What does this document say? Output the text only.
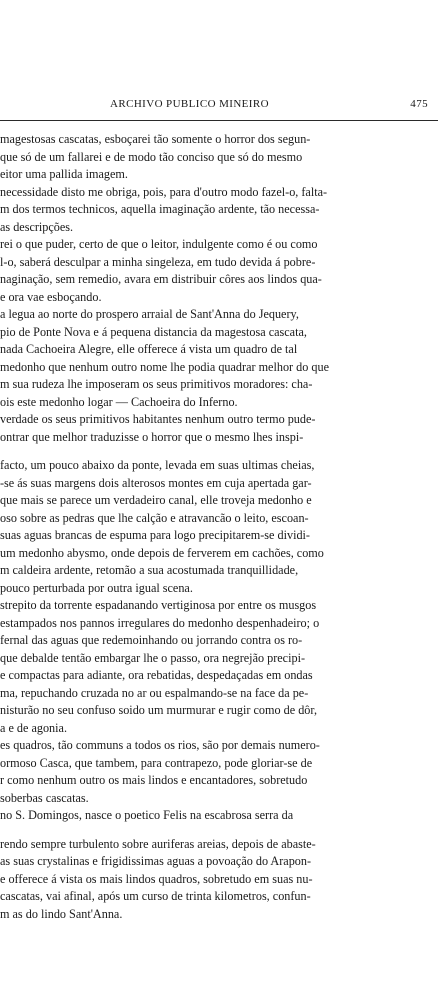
ARCHIVO PUBLICO MINEIRO	475
magestosas cascatas, esboçarei tão somente o horror dos segun-
que só de um fallarei e de modo tão conciso que só do mesmo
eitor uma pallida imagem.
necessidade disto me obriga, pois, para d'outro modo fazel-o, falta-
m dos termos technicos, aquella imaginação ardente, tão necessa-
as descripções.
rei o que puder, certo de que o leitor, indulgente como é ou como
l-o, saberá desculpar a minha singeleza, em tudo devida á pobre-
naginação, sem remedio, avara em distribuir côres aos lindos qua-
e ora vae esboçando.
a legua ao norte do prospero arraial de Sant'Anna do Jequery,
pio de Ponte Nova e á pequena distancia da magestosa cascata,
nada Cachoeira Alegre, elle offerece á vista um quadro de tal
medonho que nenhum outro nome lhe podia quadrar melhor do que
m sua rudeza lhe imposeram os seus primitivos moradores: cha-
ois este medonho logar — Cachoeira do Inferno.
verdade os seus primitivos habitantes nenhum outro termo pude-
ontrar que melhor traduzisse o horror que o mesmo lhes inspi-
facto, um pouco abaixo da ponte, levada em suas ultimas cheias,
-se ás suas margens dois alterosos montes em cuja apertada gar-
que mais se parece um verdadeiro canal, elle troveja medonho e
oso sobre as pedras que lhe calção e atravancão o leito, escoan-
suas aguas brancas de espuma para logo precipitarem-se dividi-
um medonho abysmo, onde depois de ferverem em cachões, como
m caldeira ardente, retomão a sua acostumada tranquillidade,
pouco perturbada por outra igual scena.
strepito da torrente espadanando vertiginosa por entre os musgos
estampados nos pannos irregulares do medonho despenhadeiro; o
fernal das aguas que redemoinhando ou jorrando contra os ro-
que debalde tentão embargar lhe o passo, ora negrejão precipi-
e compactas para adiante, ora rebatidas, despedaçadas em ondas
ma, repuchando cruzada no ar ou espalmando-se na face da pe-
nisturão no seu confuso soido um murmurar e rugir como de dôr,
a e de agonia.
es quadros, tão communs a todos os rios, são por demais numero-
ormoso Casca, que tambem, para contrapezo, pode gloriar-se de
r como nenhum outro os mais lindos e encantadores, sobretudo
soberbas cascatas.
no S. Domingos, nasce o poetico Felis na escabrosa serra da
rendo sempre turbulento sobre auriferas areias, depois de abaste-
as suas crystalinas e frigidissimas aguas a povoação do Arapon-
e offerece á vista os mais lindos quadros, sobretudo em suas nu-
cascatas, vai afinal, após um curso de trinta kilometros, confun-
m as do lindo Sant'Anna.
